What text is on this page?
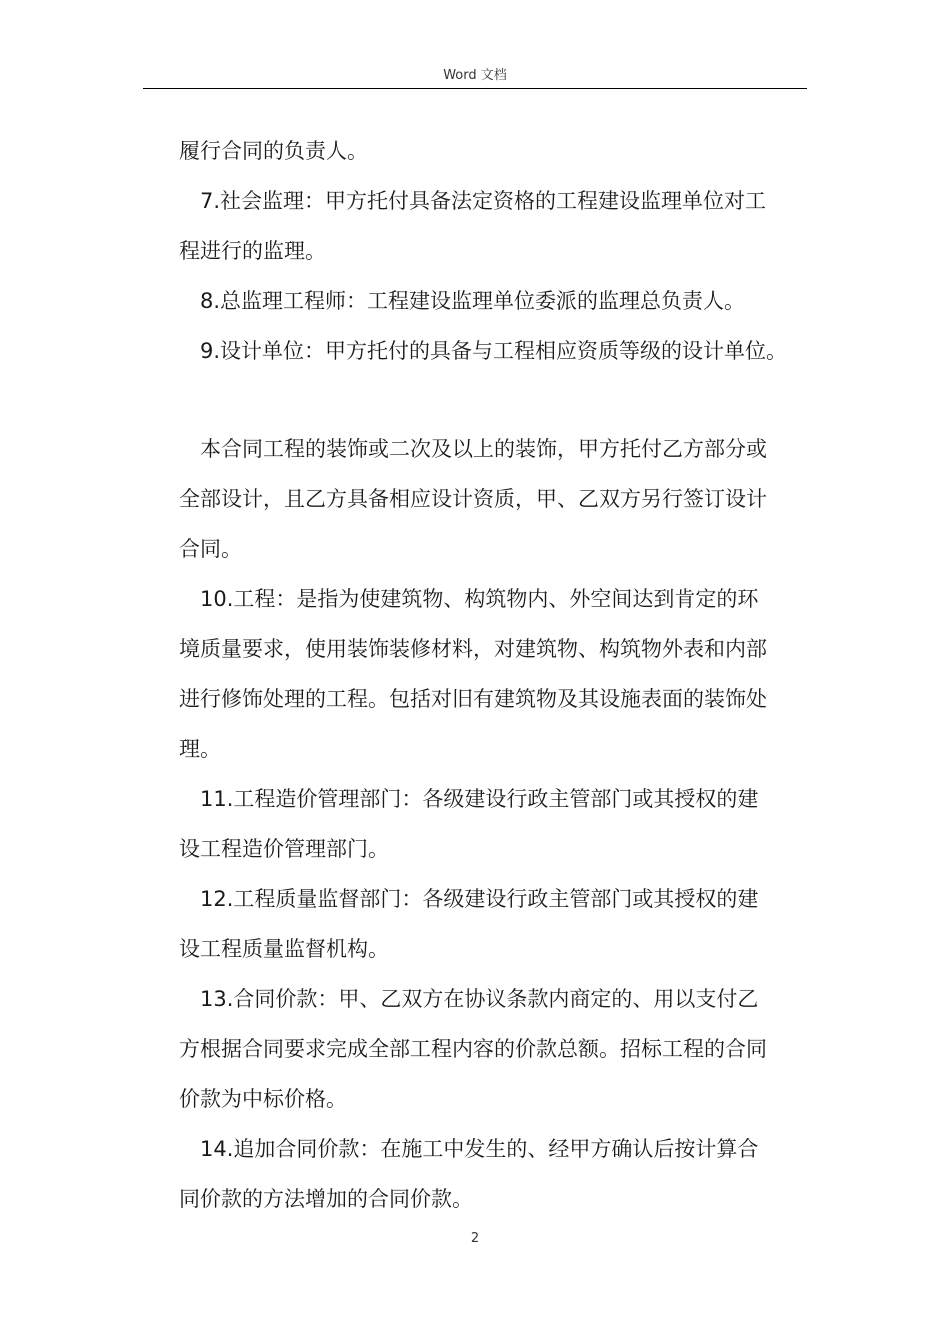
Word 文档
履行合同的负责人。
7.社会监理：甲方托付具备法定资格的工程建设监理单位对工
程进行的监理。
8.总监理工程师：工程建设监理单位委派的监理总负责人。
9.设计单位：甲方托付的具备与工程相应资质等级的设计单位。
本合同工程的装饰或二次及以上的装饰，甲方托付乙方部分或
全部设计，且乙方具备相应设计资质，甲、乙双方另行签订设计
合同。
10.工程：是指为使建筑物、构筑物内、外空间达到肯定的环
境质量要求，使用装饰装修材料，对建筑物、构筑物外表和内部
进行修饰处理的工程。包括对旧有建筑物及其设施表面的装饰处
理。
11.工程造价管理部门：各级建设行政主管部门或其授权的建
设工程造价管理部门。
12.工程质量监督部门：各级建设行政主管部门或其授权的建
设工程质量监督机构。
13.合同价款：甲、乙双方在协议条款内商定的、用以支付乙
方根据合同要求完成全部工程内容的价款总额。招标工程的合同
价款为中标价格。
14.追加合同价款：在施工中发生的、经甲方确认后按计算合
同价款的方法增加的合同价款。
2
